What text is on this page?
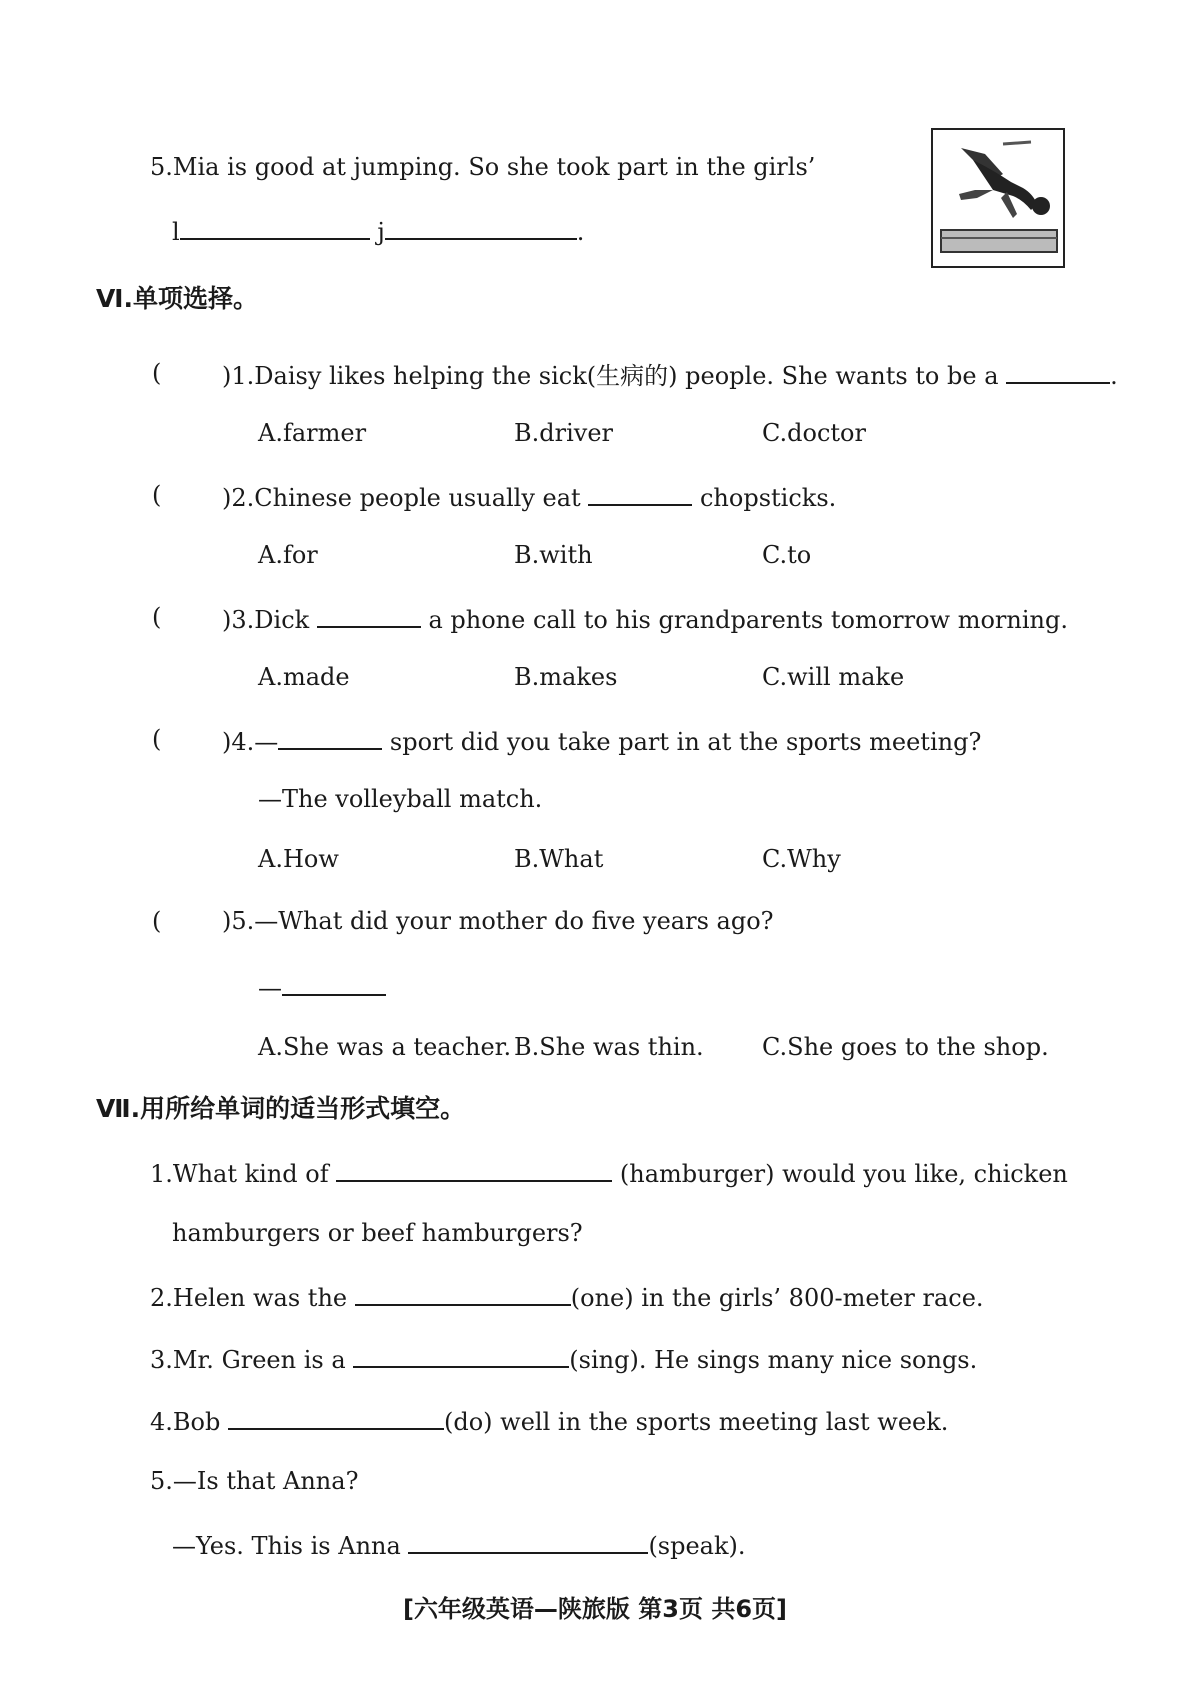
5.Mia is good at jumping. So she took part in the girls’
l	j	.
Ⅵ.单项选择。
(	)1.Daisy likes helping the sick(生病的) people. She wants to be a	.
A.farmer	B.driver	C.doctor
(	)2.Chinese people usually eat	chopsticks.
A.for	B.with	C.to
(	)3.Dick	a phone call to his grandparents tomorrow morning.
A.made	B.makes	C.will make
(	)4.—	sport did you take part in at the sports meeting?
—The volleyball match.
A.How	B.What	C.Why
(	)5.—What did your mother do five years ago?
—
A.She was a teacher. B.She was thin. C.She goes to the shop.
Ⅶ.用所给单词的适当形式填空。
1.What kind of	(hamburger) would you like, chicken
hamburgers or beef hamburgers?
2.Helen was the	(one) in the girls’ 800-meter race.
3.Mr. Green is a	(sing). He sings many nice songs.
4.Bob	(do) well in the sports meeting last week.
5.—Is that Anna?
—Yes. This is Anna	(speak).
[六年级英语—陕旅版 第3页 共6页]
